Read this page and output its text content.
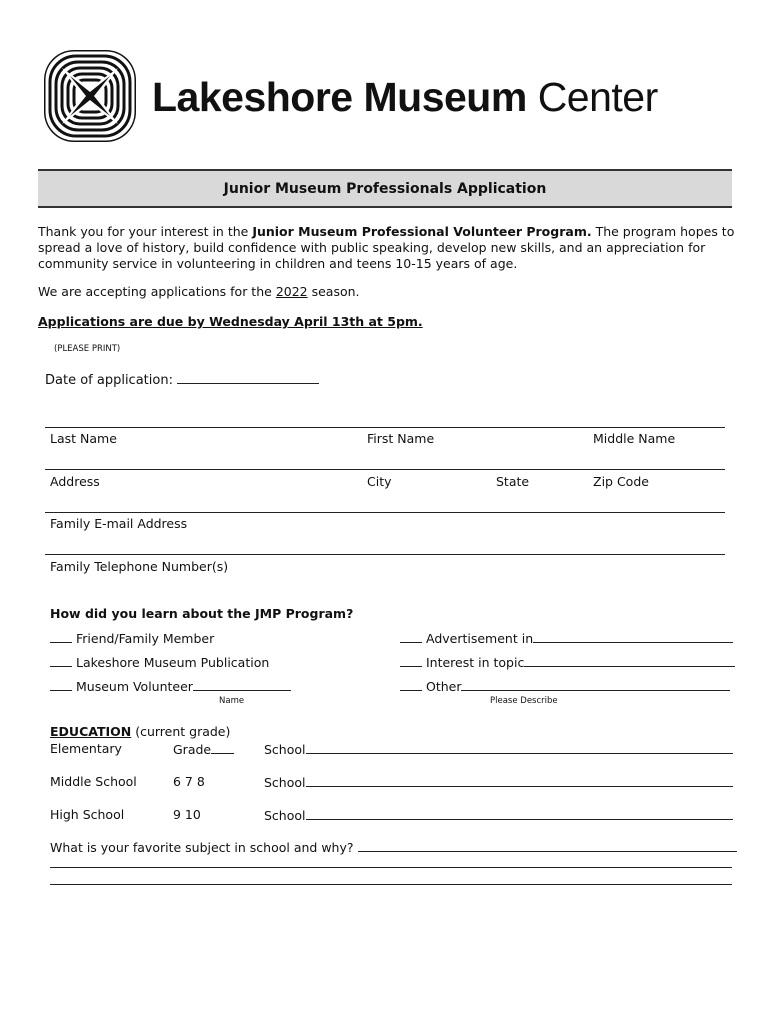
Lakeshore Museum Center
Junior Museum Professionals Application
Thank you for your interest in the Junior Museum Professional Volunteer Program. The program hopes to
spread a love of history, build confidence with public speaking, develop new skills, and an appreciation for
community service in volunteering in children and teens 10-15 years of age.
We are accepting applications for the 2022 season.
Applications are due by Wednesday April 13th at 5pm.
(PLEASE PRINT)
Date of application:
Last Name	First Name	Middle Name
Address	City	State	Zip Code
Family E-mail Address
Family Telephone Number(s)
How did you learn about the JMP Program?
Friend/Family Member
Lakeshore Museum Publication
Museum Volunteer
Name
Advertisement in
Interest in topic
Other
Please Describe
EDUCATION (current grade)
Elementary	Grade	School
Middle School	6 7 8	School
High School	9 10	School
What is your favorite subject in school and why?
